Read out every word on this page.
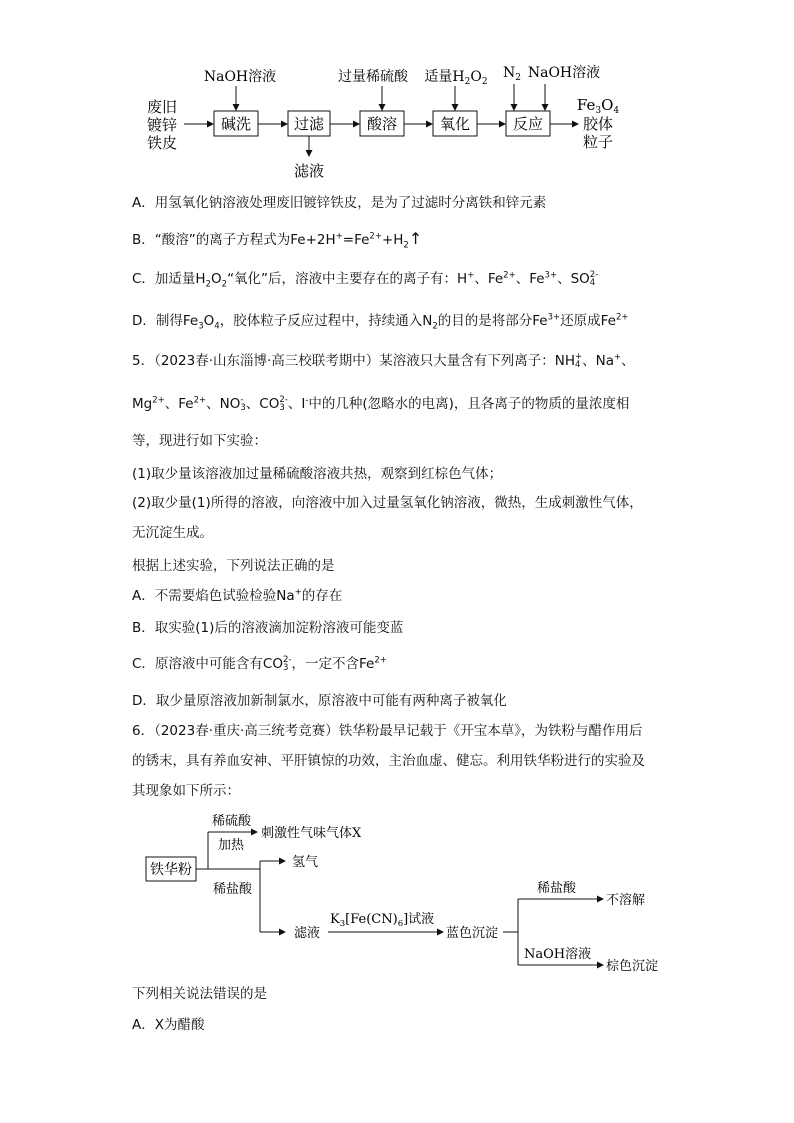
废旧
镀锌
铁皮
碱洗
NaOH溶液
过滤
滤液
酸溶
过量稀硫酸
氧化
适量$H_2O_2$
反应
$N_2$ NaOH溶液
$Fe_3O_4$
胶体
粒子
A．用氢氧化钠溶液处理废旧镀锌铁皮，是为了过滤时分离铁和锌元素
B．“酸溶”的离子方程式为$Fe+2H^+=Fe^{2+}+H_2↑$
C．加适量$H_2O_2“$氧化”后，溶液中主要存在的离子有：H+、$Fe^{2+}$、$Fe^{3+}$、SO 2-
4
D．制得$Fe_3O_4$，胶体粒子反应过程中，持续通入$N_2$的目的是将部分$Fe^{3+}$还原成$Fe^{2+}$
5．（2023春·山东淄博·高三校联考期中）某溶液只大量含有下列离子：NH +
4 、Na+、
$Mg^{2+}$、$Fe^{2+}$、NO -
3 、CO 2-
3 、I-中的几种(忽略水的电离)，且各离子的物质的量浓度相
等，现进行如下实验：
(1)取少量该溶液加过量稀硫酸溶液共热，观察到红棕色气体；
(2)取少量(1)所得的溶液，向溶液中加入过量氢氧化钠溶液，微热，生成刺激性气体，
无沉淀生成。
根据上述实验，下列说法正确的是
A．不需要焰色试验检验Na+的存在
B．取实验(1)后的溶液滴加淀粉溶液可能变蓝
C．原溶液中可能含有CO 2-
3 ，一定不含$Fe^{2+}$
D．取少量原溶液加新制氯水，原溶液中可能有两种离子被氧化
6．（2023春·重庆·高三统考竞赛）铁华粉最早记载于《开宝本草》，为铁粉与醋作用后
的锈末，具有养血安神、平肝镇惊的功效，主治血虚、健忘。利用铁华粉进行的实验及
其现象如下所示：
铁华粉
稀硫酸
加热
刺激性气味气体X
稀盐酸
氢气
滤液
$K_3[Fe(CN)_6]$试液
蓝色沉淀
稀盐酸
不溶解
NaOH溶液
棕色沉淀
下列相关说法错误的是
A．X为醋酸
